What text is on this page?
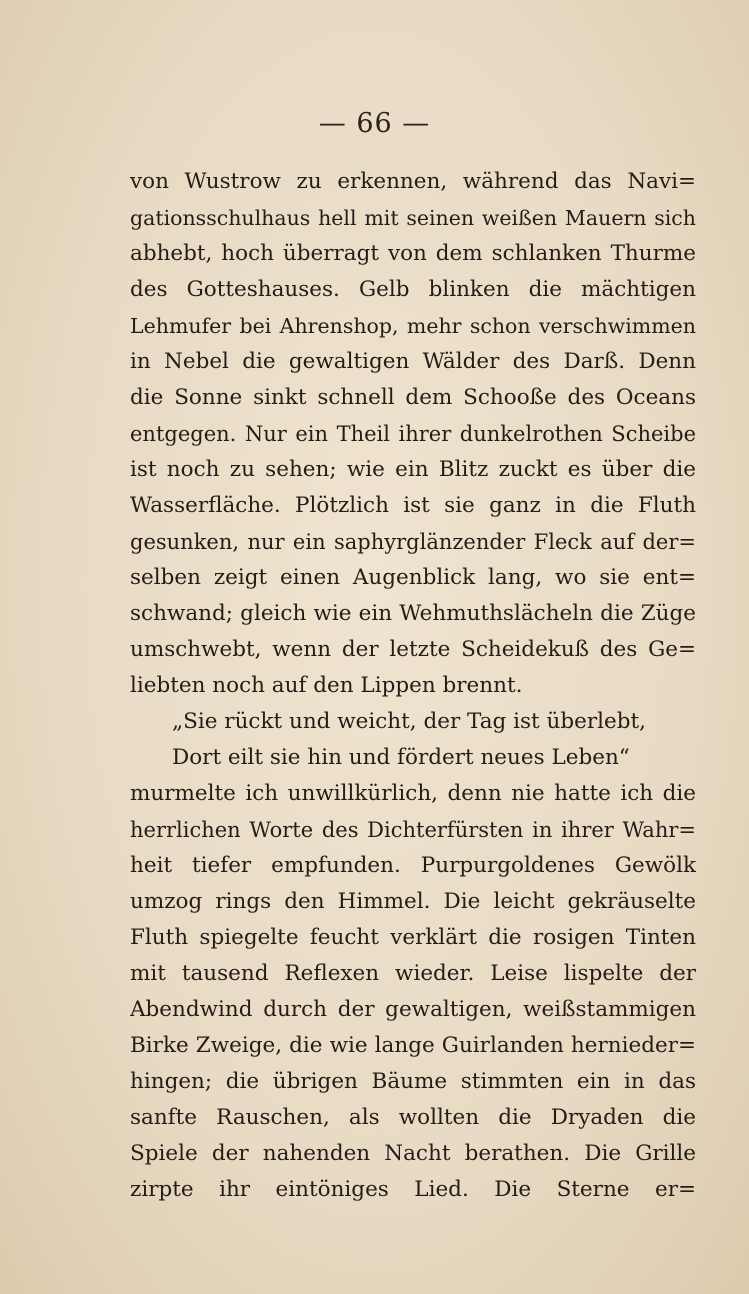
— 66 —
von Wustrow zu erkennen, während das Navi=
gationsschulhaus hell mit seinen weißen Mauern sich
abhebt, hoch überragt von dem schlanken Thurme
des Gotteshauses. Gelb blinken die mächtigen
Lehmufer bei Ahrenshop, mehr schon verschwimmen
in Nebel die gewaltigen Wälder des Darß. Denn
die Sonne sinkt schnell dem Schooße des Oceans
entgegen. Nur ein Theil ihrer dunkelrothen Scheibe
ist noch zu sehen; wie ein Blitz zuckt es über die
Wasserfläche. Plötzlich ist sie ganz in die Fluth
gesunken, nur ein saphyrglänzender Fleck auf der=
selben zeigt einen Augenblick lang, wo sie ent=
schwand; gleich wie ein Wehmuthslächeln die Züge
umschwebt, wenn der letzte Scheidekuß des Ge=
liebten noch auf den Lippen brennt.
„Sie rückt und weicht, der Tag ist überlebt,
Dort eilt sie hin und fördert neues Leben“
murmelte ich unwillkürlich, denn nie hatte ich die
herrlichen Worte des Dichterfürsten in ihrer Wahr=
heit tiefer empfunden. Purpurgoldenes Gewölk
umzog rings den Himmel. Die leicht gekräuselte
Fluth spiegelte feucht verklärt die rosigen Tinten
mit tausend Reflexen wieder. Leise lispelte der
Abendwind durch der gewaltigen, weißstammigen
Birke Zweige, die wie lange Guirlanden hernieder=
hingen; die übrigen Bäume stimmten ein in das
sanfte Rauschen, als wollten die Dryaden die
Spiele der nahenden Nacht berathen. Die Grille
zirpte ihr eintöniges Lied. Die Sterne er=
